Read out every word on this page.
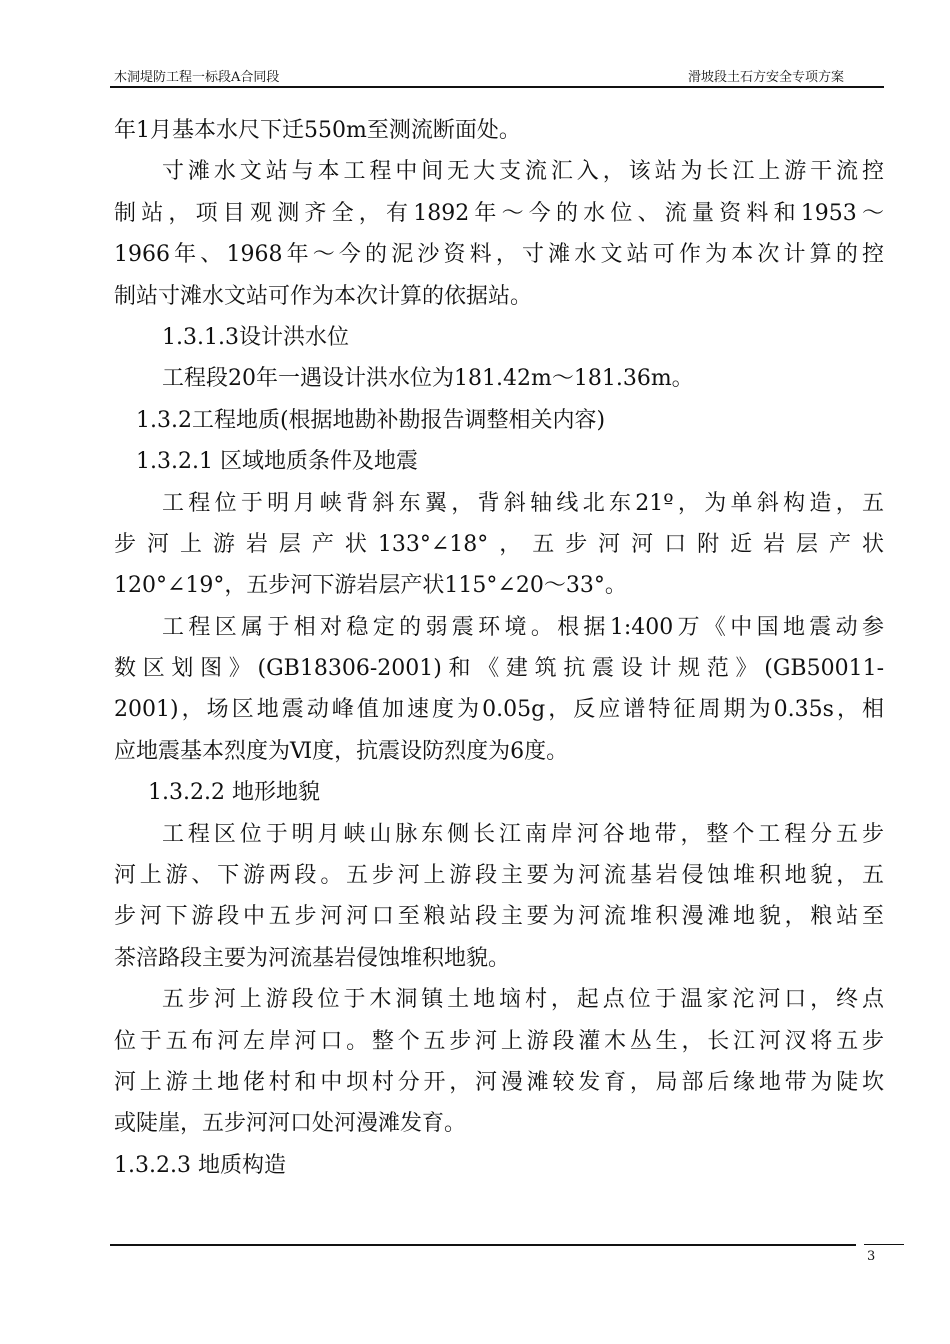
木洞堤防工程一标段A合同段	滑坡段土石方安全专项方案
年1月基本水尺下迁550m至测流断面处。
寸滩水文站与本工程中间无大支流汇入，该站为长江上游干流控
制站，项目观测齐全，有1892年～今的水位、流量资料和1953～
1966年、1968年～今的泥沙资料，寸滩水文站可作为本次计算的控
制站寸滩水文站可作为本次计算的依据站。
1.3.1.3设计洪水位
工程段20年一遇设计洪水位为181.42m～181.36m。
1.3.2工程地质(根据地勘补勘报告调整相关内容)
1.3.2.1 区域地质条件及地震
工程位于明月峡背斜东翼，背斜轴线北东21º，为单斜构造，五
步河上游岩层产状133°∠18°，五步河河口附近岩层产状
120°∠19°，五步河下游岩层产状115°∠20～33°。
工程区属于相对稳定的弱震环境。根据1:400万《中国地震动参
数区划图》(GB18306-2001)和《建筑抗震设计规范》(GB50011-
2001)，场区地震动峰值加速度为0.05g，反应谱特征周期为0.35s，相
应地震基本烈度为Ⅵ度，抗震设防烈度为6度。
1.3.2.2 地形地貌
工程区位于明月峡山脉东侧长江南岸河谷地带，整个工程分五步
河上游、下游两段。五步河上游段主要为河流基岩侵蚀堆积地貌，五
步河下游段中五步河河口至粮站段主要为河流堆积漫滩地貌，粮站至
茶涪路段主要为河流基岩侵蚀堆积地貌。
五步河上游段位于木洞镇土地垴村，起点位于温家沱河口，终点
位于五布河左岸河口。整个五步河上游段灌木丛生，长江河汊将五步
河上游土地佬村和中坝村分开，河漫滩较发育，局部后缘地带为陡坎
或陡崖，五步河河口处河漫滩发育。
1.3.2.3 地质构造
3
